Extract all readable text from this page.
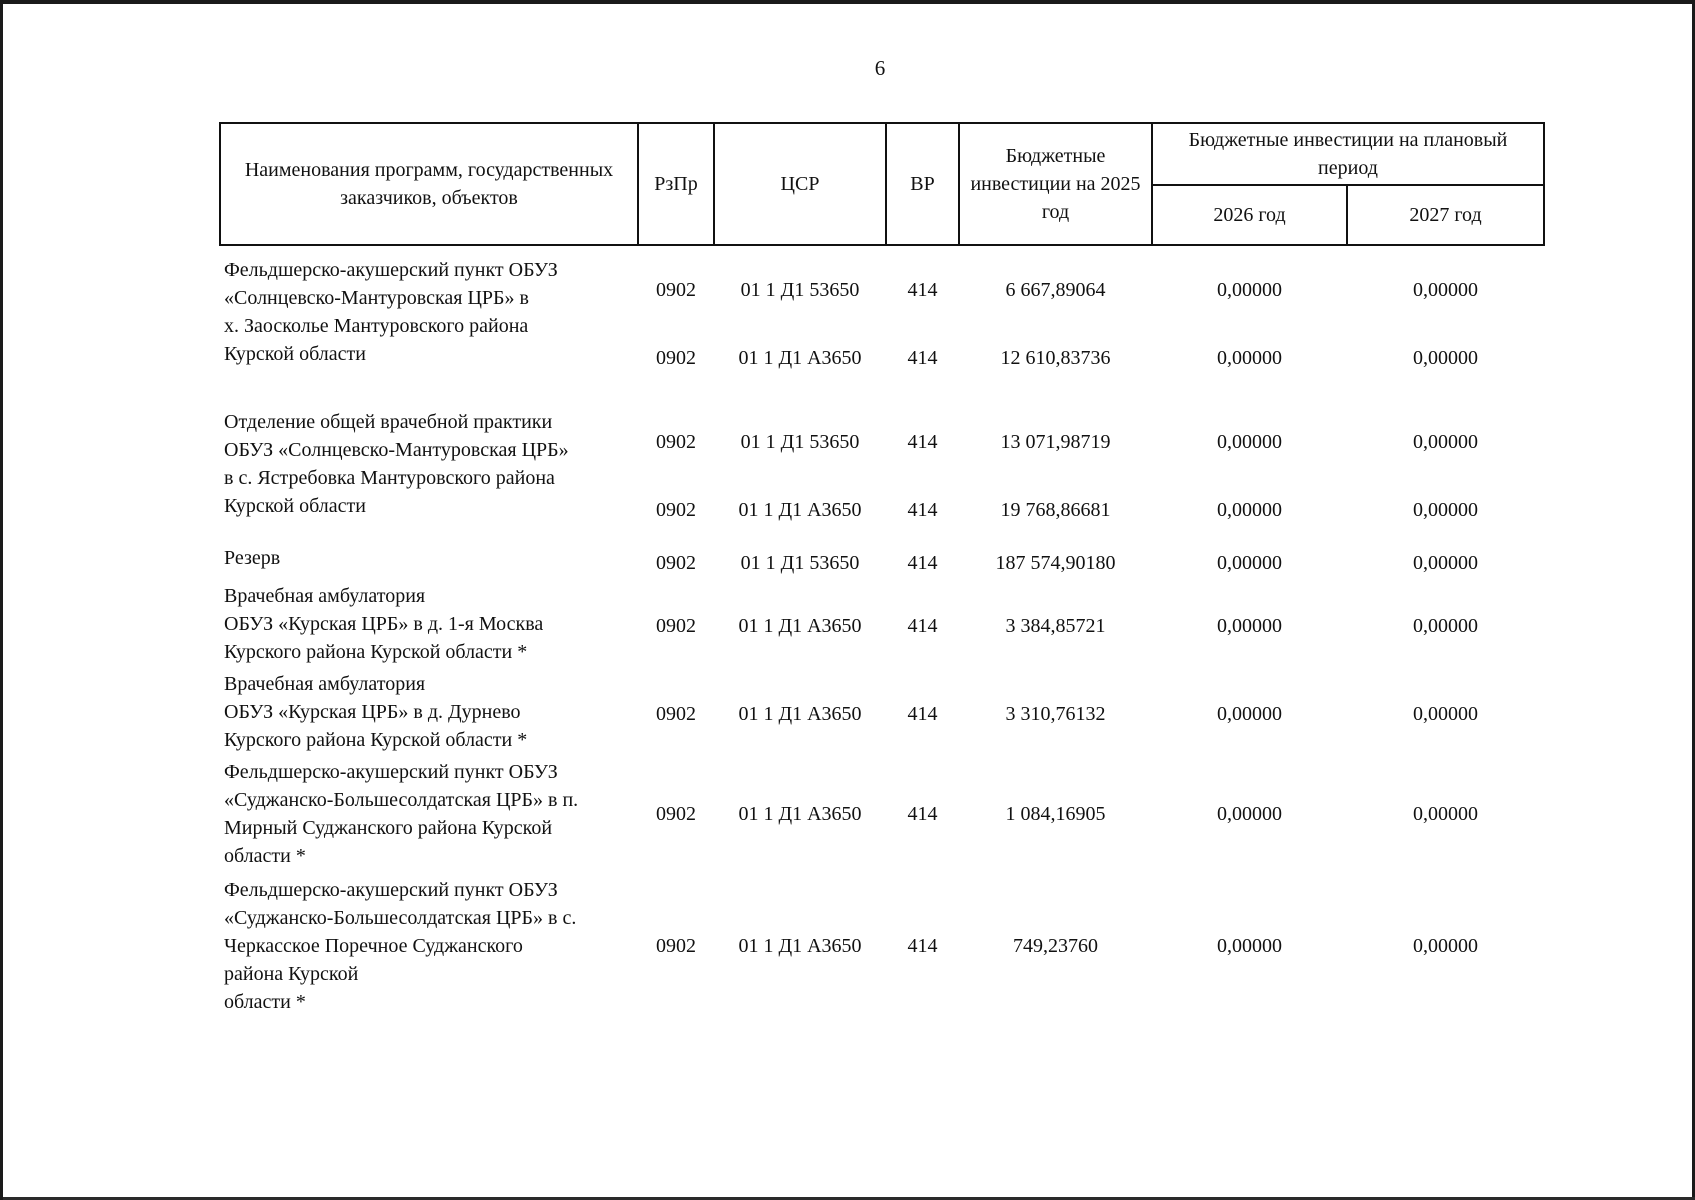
6
Наименования программ, государственных заказчиков, объектов	РзПр	ЦСР	ВР	Бюджетные инвестиции на 2025 год	Бюджетные инвестиции на плановый период	
					2026 год	2027 год

Фельдшерско-акушерский пункт ОБУЗ
«Солнцевско-Мантуровская ЦРБ» в
х. Заосколье Мантуровского района
Курской области	0902	01 1 Д1 53650	414	6 667,89064	0,00000	0,00000
	0902	01 1 Д1 А3650	414	12 610,83736	0,00000	0,00000

Отделение общей врачебной практики
ОБУЗ «Солнцевско-Мантуровская ЦРБ»
в с. Ястребовка Мантуровского района
Курской области	0902	01 1 Д1 53650	414	13 071,98719	0,00000	0,00000
	0902	01 1 Д1 А3650	414	19 768,86681	0,00000	0,00000

Резерв	0902	01 1 Д1 53650	414	187 574,90180	0,00000	0,00000

Врачебная амбулатория
ОБУЗ «Курская ЦРБ» в д. 1-я Москва
Курского района Курской области *	0902	01 1 Д1 А3650	414	3 384,85721	0,00000	0,00000

Врачебная амбулатория
ОБУЗ «Курская ЦРБ» в д. Дурнево
Курского района Курской области *	0902	01 1 Д1 А3650	414	3 310,76132	0,00000	0,00000

Фельдшерско-акушерский пункт ОБУЗ
«Суджанско-Большесолдатская ЦРБ» в п.
Мирный Суджанского района Курской
области *	0902	01 1 Д1 А3650	414	1 084,16905	0,00000	0,00000

Фельдшерско-акушерский пункт ОБУЗ
«Суджанско-Большесолдатская ЦРБ» в с.
Черкасское Поречное Суджанского
района Курской
области *	0902	01 1 Д1 А3650	414	749,23760	0,00000	0,00000
